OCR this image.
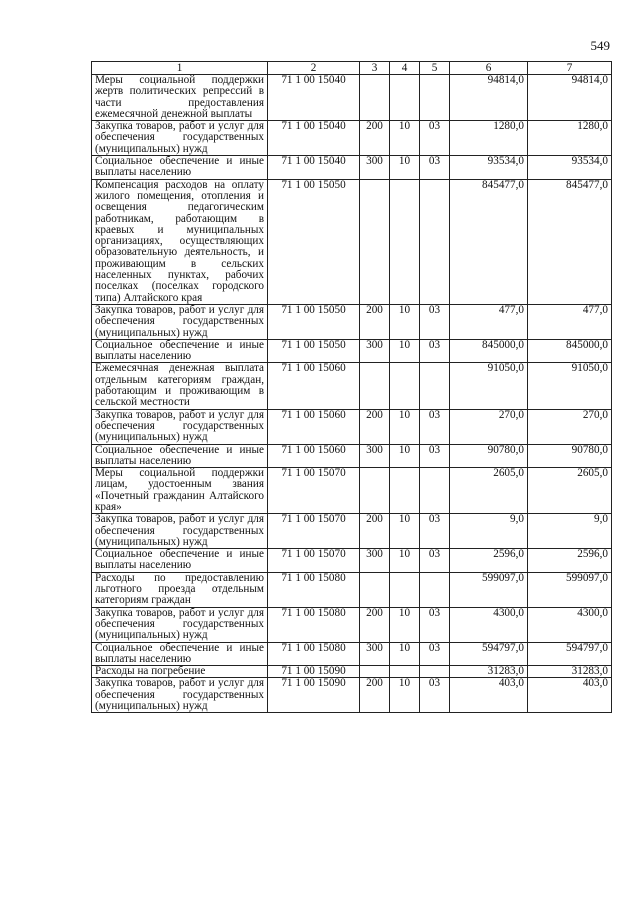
549
1	2	3	4	5	6	7
Меры социальной поддержки жертв политических репрессий в части предоставления ежемесячной денежной выплаты	71 1 00 15040				94814,0	94814,0
Закупка товаров, работ и услуг для обеспечения государственных (муниципальных) нужд	71 1 00 15040	200	10	03	1280,0	1280,0
Социальное обеспечение и иные выплаты населению	71 1 00 15040	300	10	03	93534,0	93534,0
Компенсация расходов на оплату жилого помещения, отопления и освещения педагогическим работникам, работающим в краевых и муниципальных организациях, осуществляющих образовательную деятельность, и проживающим в сельских населенных пунктах, рабочих поселках (поселках городского типа) Алтайского края	71 1 00 15050				845477,0	845477,0
Закупка товаров, работ и услуг для обеспечения государственных (муниципальных) нужд	71 1 00 15050	200	10	03	477,0	477,0
Социальное обеспечение и иные выплаты населению	71 1 00 15050	300	10	03	845000,0	845000,0
Ежемесячная денежная выплата отдельным категориям граждан, работающим и проживающим в сельской местности	71 1 00 15060				91050,0	91050,0
Закупка товаров, работ и услуг для обеспечения государственных (муниципальных) нужд	71 1 00 15060	200	10	03	270,0	270,0
Социальное обеспечение и иные выплаты населению	71 1 00 15060	300	10	03	90780,0	90780,0
Меры социальной поддержки лицам, удостоенным звания «Почетный гражданин Алтайского края»	71 1 00 15070				2605,0	2605,0
Закупка товаров, работ и услуг для обеспечения государственных (муниципальных) нужд	71 1 00 15070	200	10	03	9,0	9,0
Социальное обеспечение и иные выплаты населению	71 1 00 15070	300	10	03	2596,0	2596,0
Расходы по предоставлению льготного проезда отдельным категориям граждан	71 1 00 15080				599097,0	599097,0
Закупка товаров, работ и услуг для обеспечения государственных (муниципальных) нужд	71 1 00 15080	200	10	03	4300,0	4300,0
Социальное обеспечение и иные выплаты населению	71 1 00 15080	300	10	03	594797,0	594797,0
Расходы на погребение	71 1 00 15090				31283,0	31283,0
Закупка товаров, работ и услуг для обеспечения государственных (муниципальных) нужд	71 1 00 15090	200	10	03	403,0	403,0
